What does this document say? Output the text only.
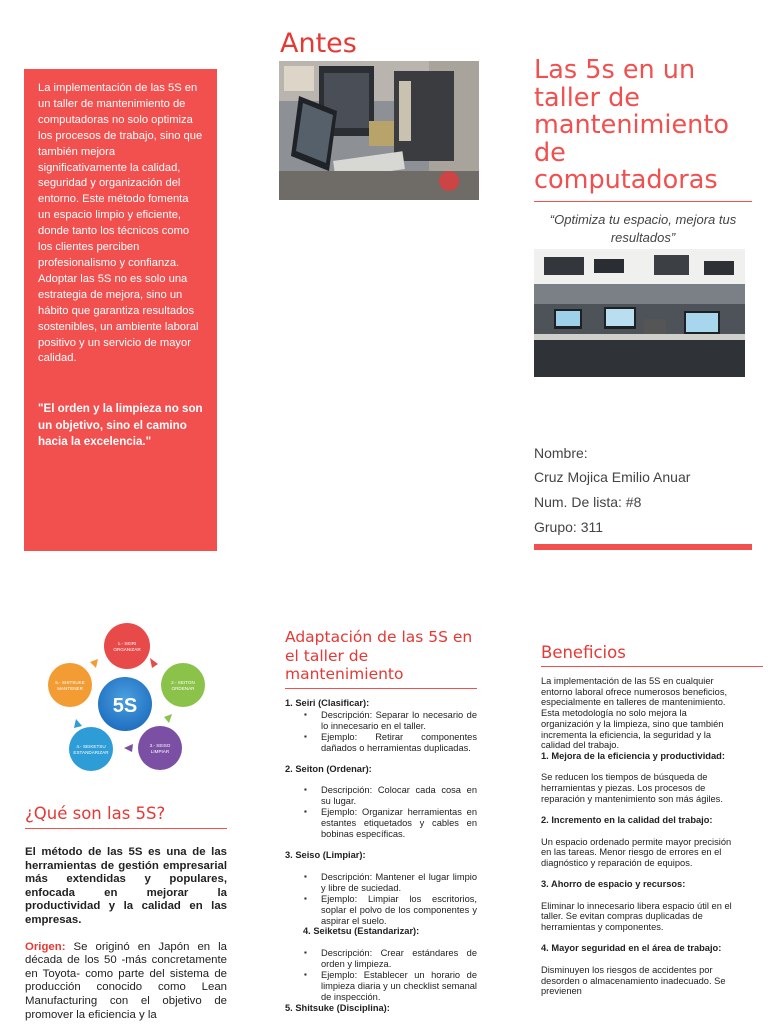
La implementación de las 5S en un taller de mantenimiento de computadoras no solo optimiza los procesos de trabajo, sino que también mejora significativamente la calidad, seguridad y organización del entorno. Este método fomenta un espacio limpio y eficiente, donde tanto los técnicos como los clientes perciben profesionalismo y confianza. Adoptar las 5S no es solo una estrategia de mejora, sino un hábito que garantiza resultados sostenibles, un ambiente laboral positivo y un servicio de mayor calidad.

"El orden y la limpieza no son un objetivo, sino el camino hacia la excelencia."

Antes
Las 5s en un taller de mantenimiento de computadoras
“Optimiza tu espacio, mejora tus resultados”
Nombre:
Cruz Mojica Emilio Anuar
Num. De lista: #8
Grupo: 311
5S
1.- SEIRI
ORGANIZAR
2.- SEITON
ORDENAR
3.- SEISO
LIMPIAR
4.- SEIKETSU
ESTANDARIZAR
5.- SHITSUKE
MANTENER
¿Qué son las 5S?

El método de las 5S es una de las herramientas de gestión empresarial más extendidas y populares, enfocada en mejorar la productividad y la calidad en las empresas.

Origen: Se originó en Japón en la década de los 50 -más concretamente en Toyota- como parte del sistema de producción conocido como Lean Manufacturing con el objetivo de promover la eficiencia y la

Adaptación de las 5S en el taller de mantenimiento
1. Seiri (Clasificar):
▪ Descripción: Separar lo necesario de lo innecesario en el taller.
▪ Ejemplo: Retirar componentes dañados o herramientas duplicadas.
2. Seiton (Ordenar):
▪ Descripción: Colocar cada cosa en su lugar.
▪ Ejemplo: Organizar herramientas en estantes etiquetados y cables en bobinas específicas.
3. Seiso (Limpiar):
▪ Descripción: Mantener el lugar limpio y libre de suciedad.
▪ Ejemplo: Limpiar los escritorios, soplar el polvo de los componentes y aspirar el suelo.
4. Seiketsu (Estandarizar):
▪ Descripción: Crear estándares de orden y limpieza.
▪ Ejemplo: Establecer un horario de limpieza diaria y un checklist semanal de inspección.
5. Shitsuke (Disciplina):
Beneficios

La implementación de las 5S en cualquier entorno laboral ofrece numerosos beneficios, especialmente en talleres de mantenimiento. Esta metodología no solo mejora la organización y la limpieza, sino que también incrementa la eficiencia, la seguridad y la calidad del trabajo.

1. Mejora de la eficiencia y productividad:

Se reducen los tiempos de búsqueda de herramientas y piezas. Los procesos de reparación y mantenimiento son más ágiles.

2. Incremento en la calidad del trabajo:

Un espacio ordenado permite mayor precisión en las tareas. Menor riesgo de errores en el diagnóstico y reparación de equipos.

3. Ahorro de espacio y recursos:

Eliminar lo innecesario libera espacio útil en el taller. Se evitan compras duplicadas de herramientas y componentes.

4. Mayor seguridad en el área de trabajo:

Disminuyen los riesgos de accidentes por desorden o almacenamiento inadecuado. Se previenen
